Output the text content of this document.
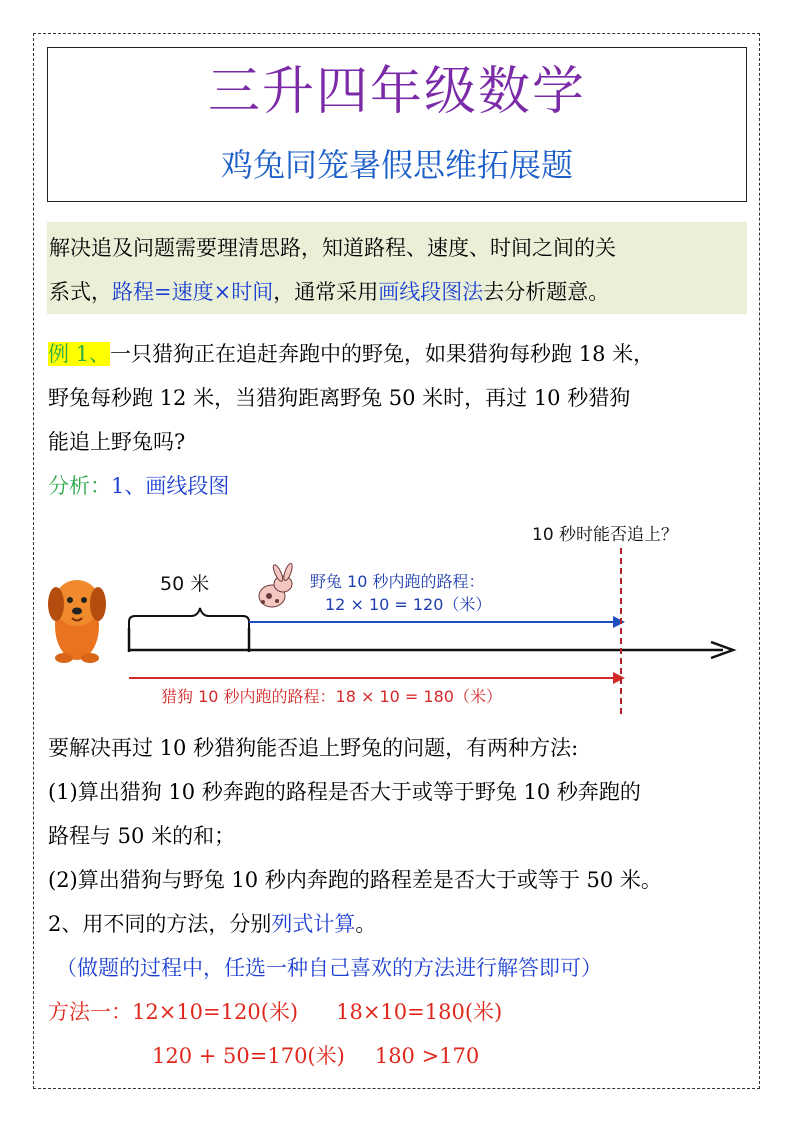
三升四年级数学
鸡兔同笼暑假思维拓展题
解决追及问题需要理清思路，知道路程、速度、时间之间的关
系式，路程=速度×时间，通常采用画线段图法去分析题意。
例 1、一只猎狗正在追赶奔跑中的野兔，如果猎狗每秒跑 18 米，
野兔每秒跑 12 米，当猎狗距离野兔 50 米时，再过 10 秒猎狗
能追上野兔吗?
分析：1、画线段图
10 秒时能否追上？
50 米	野兔 10 秒内跑的路程：
12 × 10 = 120（米）
猎狗 10 秒内跑的路程：18 × 10 = 180（米）
要解决再过 10 秒猎狗能否追上野兔的问题，有两种方法:
(1)算出猎狗 10 秒奔跑的路程是否大于或等于野兔 10 秒奔跑的
路程与 50 米的和；
(2)算出猎狗与野兔 10 秒内奔跑的路程差是否大于或等于 50 米。
2、用不同的方法，分别列式计算。
（做题的过程中，任选一种自己喜欢的方法进行解答即可）
方法一：12×10=120(米) 18×10=180(米)
120 + 50=170(米) 180 >170
